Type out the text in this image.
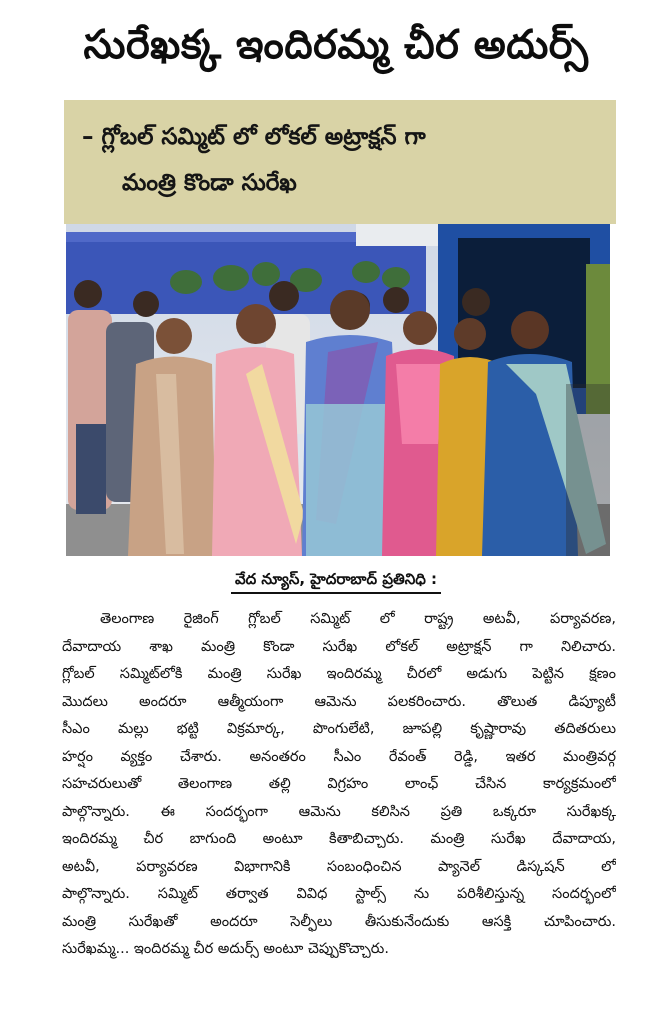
సురేఖక్క ఇందిరమ్మ చీర అదుర్స్
– గ్లోబల్ సమ్మిట్ లో లోకల్ అట్రాక్షన్ గా
మంత్రి కొండా సురేఖ
వేద న్యూస్, హైదరాబాద్ ప్రతినిధి :
తెలంగాణ రైజింగ్ గ్లోబల్ సమ్మిట్ లో రాష్ట్ర అటవీ, పర్యావరణ,
దేవాదాయ శాఖ మంత్రి కొండా సురేఖ లోకల్ అట్రాక్షన్ గా నిలిచారు.
గ్లోబల్ సమ్మిట్‌లోకి మంత్రి సురేఖ ఇందిరమ్మ చీరలో అడుగు పెట్టిన క్షణం
మొదలు అందరూ ఆత్మీయంగా ఆమెను పలకరించారు. తొలుత డిప్యూటీ
సీఎం మల్లు భట్టి విక్రమార్క, పొంగులేటి, జూపల్లి కృష్ణారావు తదితరులు
హర్షం వ్యక్తం చేశారు. అనంతరం సీఎం రేవంత్ రెడ్డి, ఇతర మంత్రివర్గ
సహచరులుతో తెలంగాణ తల్లి విగ్రహం లాంఛ్ చేసిన కార్యక్రమంలో
పాల్గొన్నారు. ఈ సందర్భంగా ఆమెను కలిసిన ప్రతి ఒక్కరూ సురేఖక్క
ఇందిరమ్మ చీర బాగుంది అంటూ కితాబిచ్చారు. మంత్రి సురేఖ దేవాదాయ,
అటవీ, పర్యావరణ విభాగానికి సంబంధించిన ప్యానెల్ డిస్కషన్ లో
పాల్గొన్నారు. సమ్మిట్ తర్వాత వివిధ స్టాల్స్ ను పరిశీలిస్తున్న సందర్భంలో
మంత్రి సురేఖతో అందరూ సెల్ఫీలు తీసుకునేందుకు ఆసక్తి చూపించారు.
సురేఖమ్మ... ఇందిరమ్మ చీర అదుర్స్ అంటూ చెప్పుకొచ్చారు.
